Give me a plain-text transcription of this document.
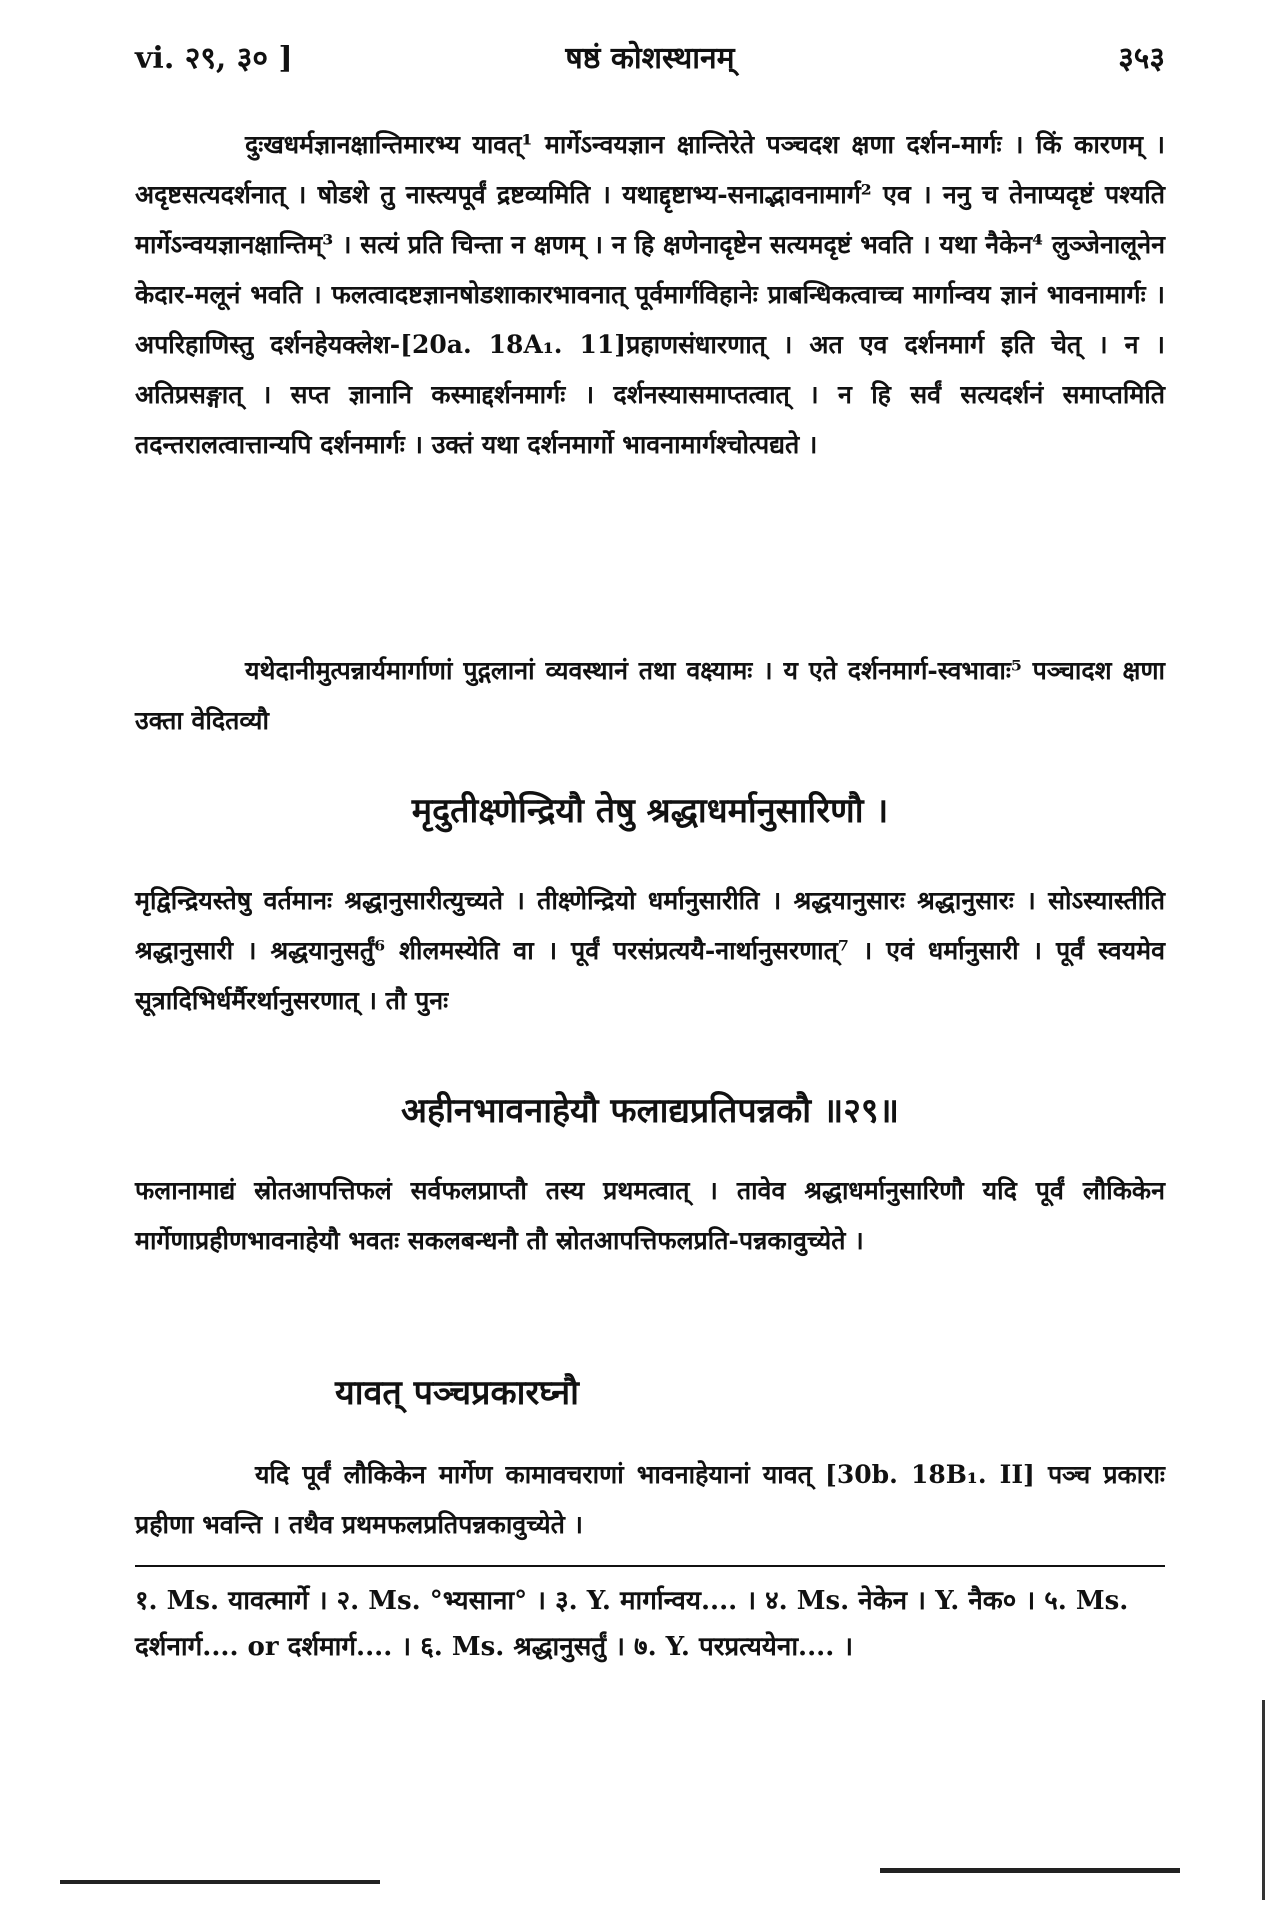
vi. २९, ३० ]	षष्ठं कोशस्थानम्	३५३
दुःखधर्मज्ञानक्षान्तिमारभ्य यावत्¹ मार्गेऽन्वयज्ञान क्षान्तिरेते पञ्चदश क्षणा दर्शन-मार्गः । किं कारणम् । अदृष्टसत्यदर्शनात् । षोडशे तु नास्त्यपूर्वं द्रष्टव्यमिति । यथाद्दृष्टाभ्य-सनाद्भावनामार्ग² एव । ननु च तेनाप्यदृष्टं पश्यति मार्गेऽन्वयज्ञानक्षान्तिम्³ । सत्यं प्रति चिन्ता न क्षणम् । न हि क्षणेनादृष्टेन सत्यमदृष्टं भवति । यथा नैकेन⁴ लुञ्जेनालूनेन केदार-मलूनं भवति । फलत्वादष्टज्ञानषोडशाकारभावनात् पूर्वमार्गविहानेः प्राबन्धिकत्वाच्च मार्गान्वय ज्ञानं भावनामार्गः । अपरिहाणिस्तु दर्शनहेयक्लेश-[20a. 18A₁. 11]प्रहाणसंधारणात् । अत एव दर्शनमार्ग इति चेत् । न । अतिप्रसङ्गात् । सप्त ज्ञानानि कस्माद्दर्शनमार्गः । दर्शनस्यासमाप्तत्वात् । न हि सर्वं सत्यदर्शनं समाप्तमिति तदन्तरालत्वात्तान्यपि दर्शनमार्गः । उक्तं यथा दर्शनमार्गो भावनामार्गश्चोत्पद्यते ।
यथेदानीमुत्पन्नार्यमार्गाणां पुद्गलानां व्यवस्थानं तथा वक्ष्यामः । य एते दर्शनमार्ग-स्वभावाः⁵ पञ्चादश क्षणा उक्ता वेदितव्यौ
मृदुतीक्ष्णेन्द्रियौ तेषु श्रद्धाधर्मानुसारिणौ ।
मृद्विन्द्रियस्तेषु वर्तमानः श्रद्धानुसारीत्युच्यते । तीक्ष्णेन्द्रियो धर्मानुसारीति । श्रद्धयानुसारः श्रद्धानुसारः । सोऽस्यास्तीति श्रद्धानुसारी । श्रद्धयानुसर्तुं⁶ शीलमस्येति वा । पूर्वं परसंप्रत्ययै-नार्थानुसरणात्⁷ । एवं धर्मानुसारी । पूर्वं स्वयमेव सूत्रादिभिर्धर्मैरर्थानुसरणात् । तौ पुनः
अहीनभावनाहेयौ फलाद्यप्रतिपन्नकौ ॥२९॥
फलानामाद्यं स्रोतआपत्तिफलं सर्वफलप्राप्तौ तस्य प्रथमत्वात् । तावेव श्रद्धाधर्मानुसारिणौ यदि पूर्वं लौकिकेन मार्गेणाप्रहीणभावनाहेयौ भवतः सकलबन्धनौ तौ स्रोतआपत्तिफलप्रति-पन्नकावुच्येते ।
यावत् पञ्चप्रकारघ्नौ
यदि पूर्वं लौकिकेन मार्गेण कामावचराणां भावनाहेयानां यावत् [30b. 18B₁. II] पञ्च प्रकाराः प्रहीणा भवन्ति । तथैव प्रथमफलप्रतिपन्नकावुच्येते ।
१. Ms. यावत्मार्गे । २. Ms. °भ्यसाना° । ३. Y. मार्गान्वय.... । ४. Ms. नेकेन । Y. नैक० । ५. Ms. दर्शनार्ग.... or दर्शमार्ग.... । ६. Ms. श्रद्धानुसर्तुं । ७. Y. परप्रत्ययेना.... ।
